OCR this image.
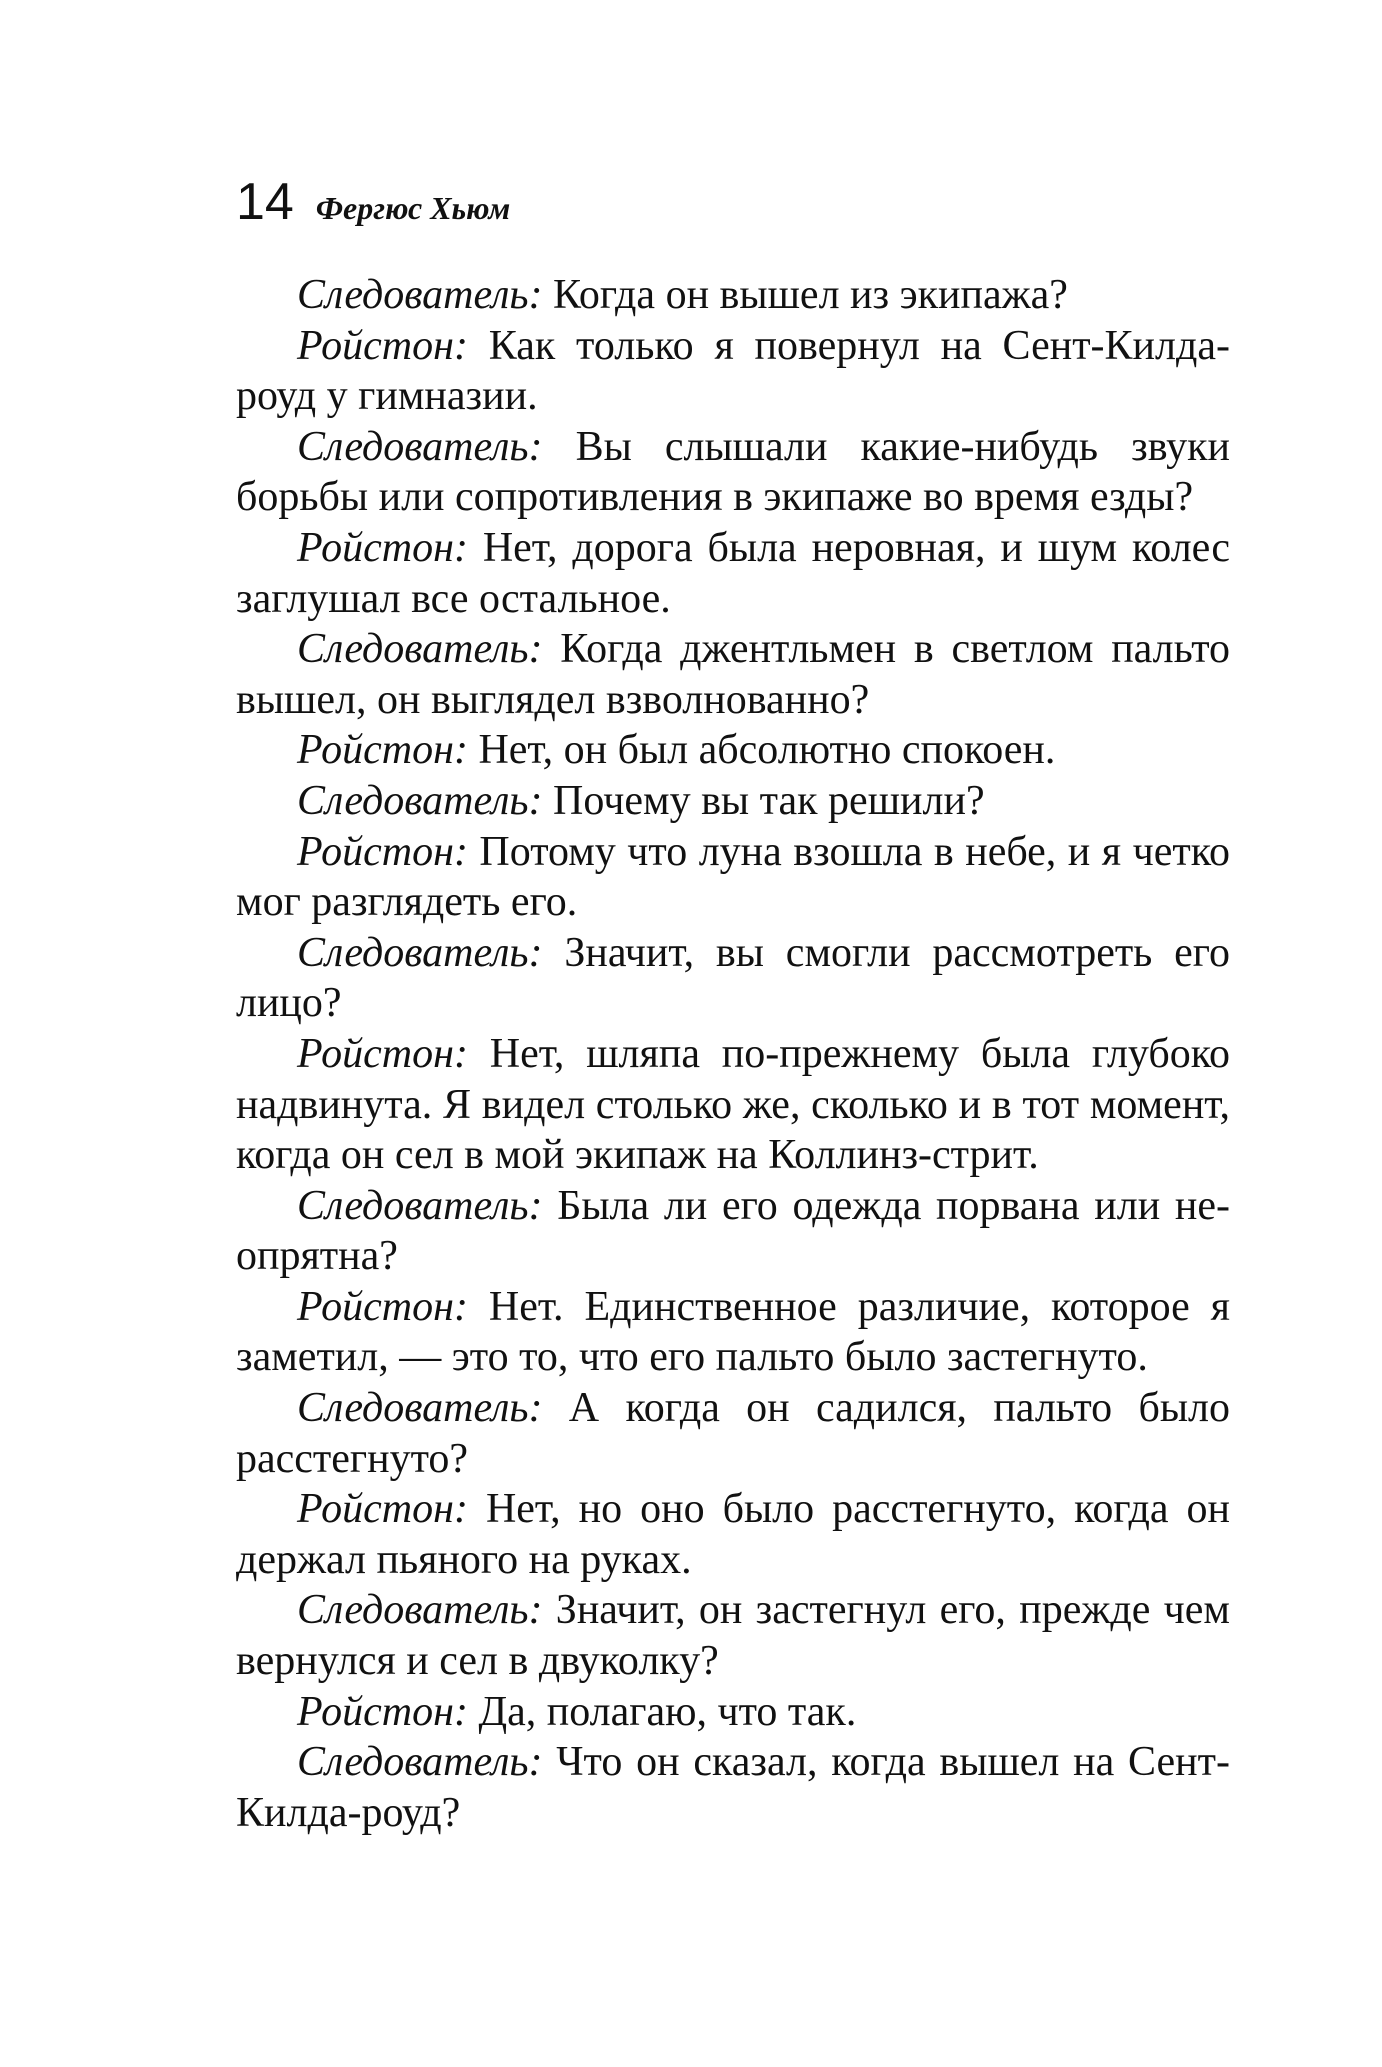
14 Фергюс Хьюм

Следователь: Когда он вышел из экипажа?

Ройстон: Как только я повернул на Сент-Килда-роуд у гимназии.

Следователь: Вы слышали какие-нибудь звуки борьбы или сопротивления в экипаже во время езды?

Ройстон: Нет, дорога была неровная, и шум колес заглушал все остальное.

Следователь: Когда джентльмен в светлом пальто вышел, он выглядел взволнованно?

Ройстон: Нет, он был абсолютно спокоен.

Следователь: Почему вы так решили?

Ройстон: Потому что луна взошла в небе, и я четко мог разглядеть его.

Следователь: Значит, вы смогли рассмотреть его лицо?

Ройстон: Нет, шляпа по-прежнему была глубоко надвинута. Я видел столько же, сколько и в тот момент, когда он сел в мой экипаж на Коллинз-стрит.

Следователь: Была ли его одежда порвана или неопрятна?

Ройстон: Нет. Единственное различие, которое я заметил, — это то, что его пальто было застегнуто.

Следователь: А когда он садился, пальто было расстегнуто?

Ройстон: Нет, но оно было расстегнуто, когда он держал пьяного на руках.

Следователь: Значит, он застегнул его, прежде чем вернулся и сел в двуколку?

Ройстон: Да, полагаю, что так.

Следователь: Что он сказал, когда вышел на Сент-Килда-роуд?
